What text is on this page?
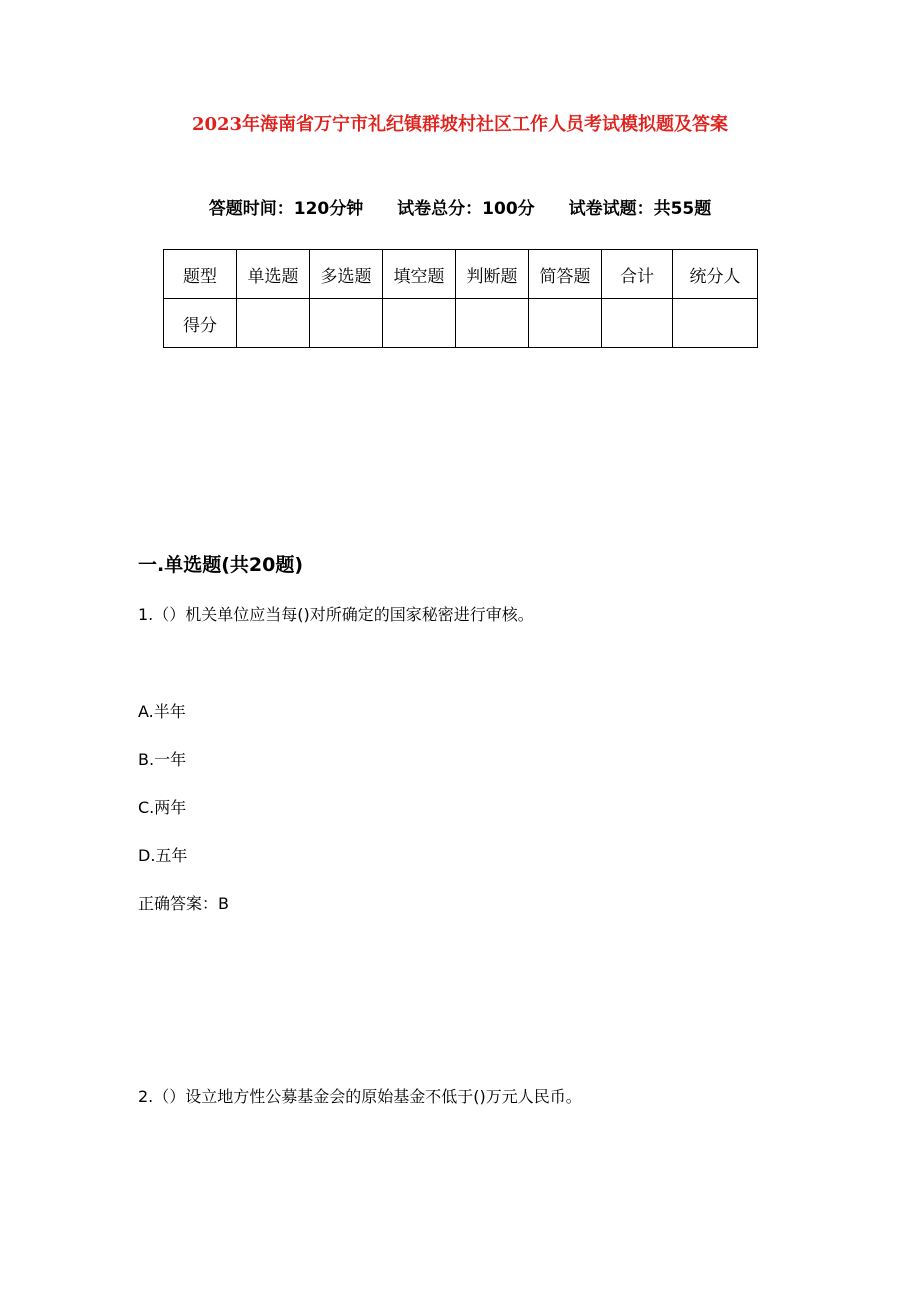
2023年海南省万宁市礼纪镇群坡村社区工作人员考试模拟题及答案
答题时间：120分钟 试卷总分：100分 试卷试题：共55题
题型	单选题	多选题	填空题	判断题	简答题	合计	统分人
得分							
一.单选题(共20题)
1.（）机关单位应当每()对所确定的国家秘密进行审核。
A.半年
B.一年
C.两年
D.五年
正确答案：B
2.（）设立地方性公募基金会的原始基金不低于()万元人民币。
